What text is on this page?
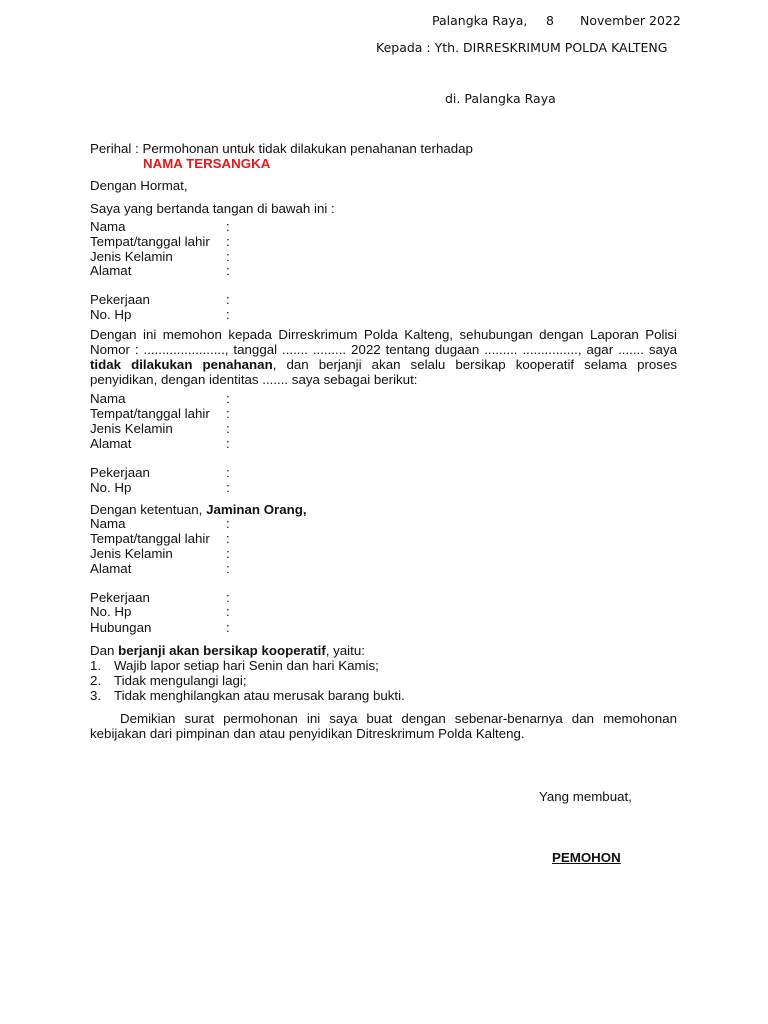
Palangka Raya, 8 November 2022
Kepada : Yth. DIRRESKRIMUM POLDA KALTENG
di. Palangka Raya
Perihal : Permohonan untuk tidak dilakukan penahanan terhadap
NAMA TERSANGKA
Dengan Hormat,
Saya yang bertanda tangan di bawah ini :
Nama	:
Tempat/tanggal lahir :
Jenis Kelamin	:
Alamat	:
Pekerjaan	:
No. Hp	:
Dengan ini memohon kepada Dirreskrimum Polda Kalteng, sehubungan dengan Laporan Polisi Nomor : ......................, tanggal ....... ......... 2022 tentang dugaan ......... ..............., agar ....... saya tidak dilakukan penahanan, dan berjanji akan selalu bersikap kooperatif selama proses penyidikan, dengan identitas ....... saya sebagai berikut:
Nama	:
Tempat/tanggal lahir :
Jenis Kelamin	:
Alamat	:
Pekerjaan	:
No. Hp	:
Dengan ketentuan, Jaminan Orang,
Nama	:
Tempat/tanggal lahir :
Jenis Kelamin	:
Alamat	:
Pekerjaan	:
No. Hp	:
Hubungan	:
Dan berjanji akan bersikap kooperatif, yaitu:
1. Wajib lapor setiap hari Senin dan hari Kamis;
2. Tidak mengulangi lagi;
3. Tidak menghilangkan atau merusak barang bukti.
Demikian surat permohonan ini saya buat dengan sebenar-benarnya dan memohonan kebijakan dari pimpinan dan atau penyidikan Ditreskrimum Polda Kalteng.
Yang membuat,
PEMOHON
